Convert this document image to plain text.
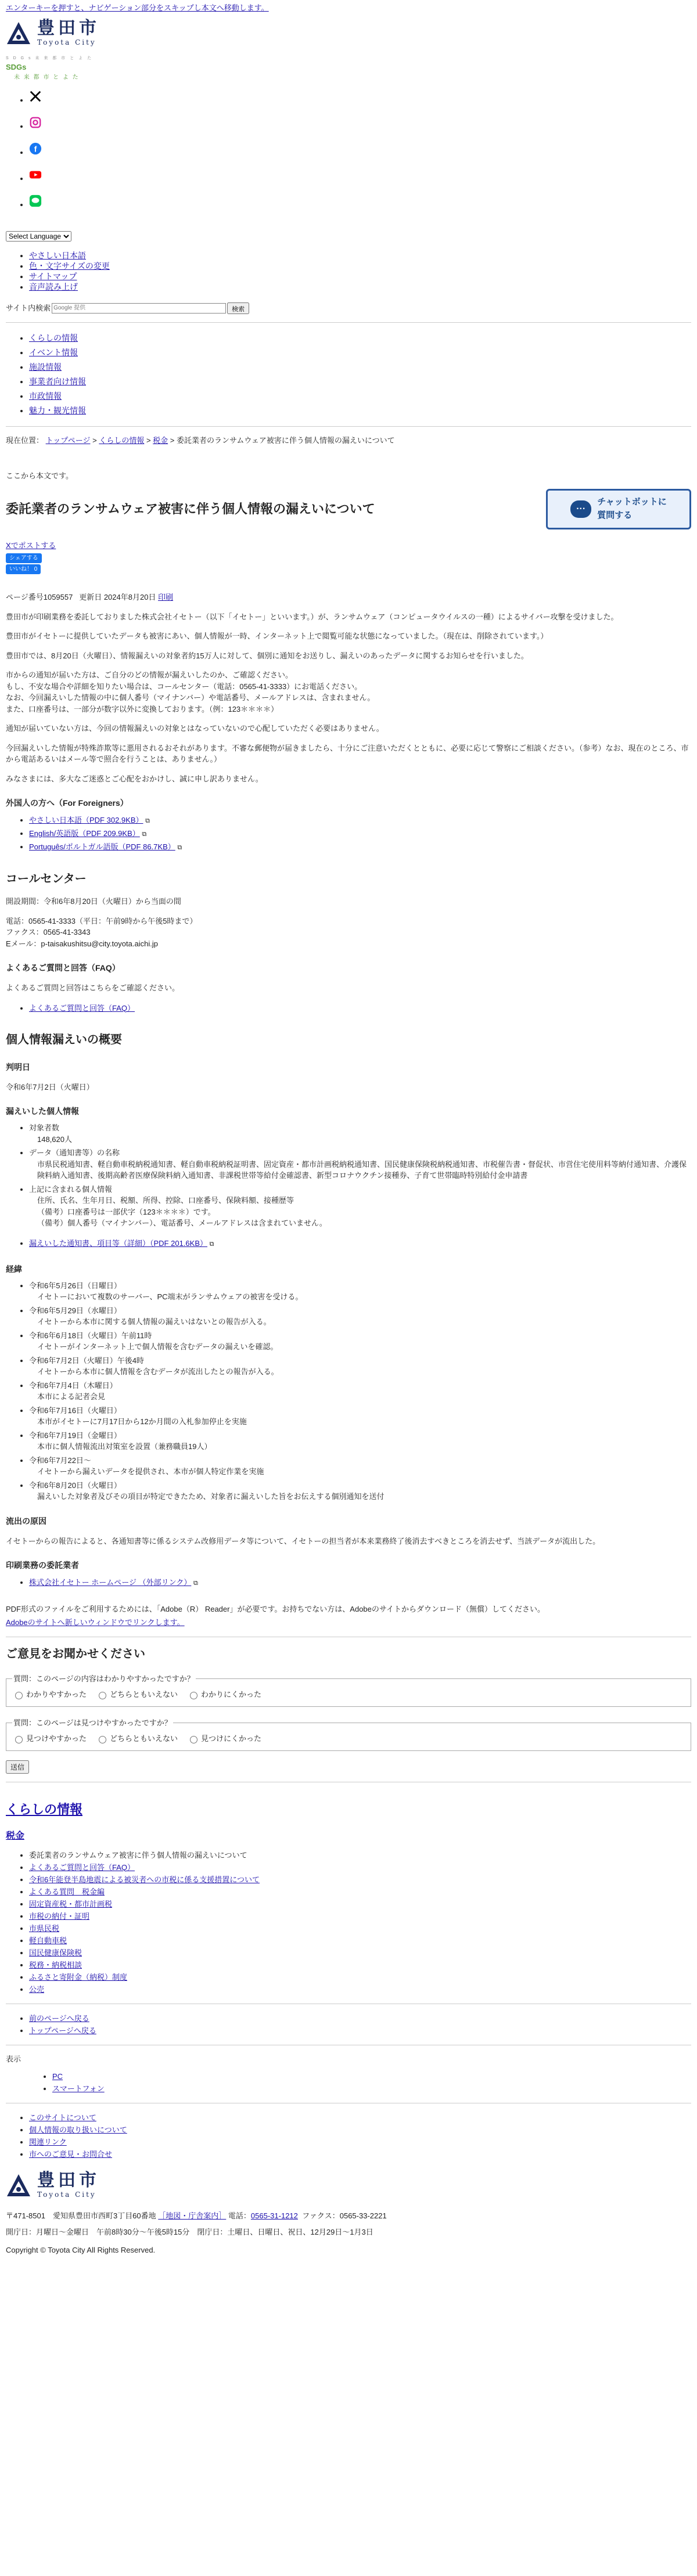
エンターキーを押すと、ナビゲーション部分をスキップし本文へ移動します。
豊田市
Toyota City
S D G s 未 来 都 市 と よ た
SDGs
未 来 都 市 と よ た
•
•
• f
•
•
Select Language
• やさしい日本語
• 色・文字サイズの変更
• サイトマップ
• 音声読み上げ
サイト内検索
Google 提供	検索
• くらしの情報
• イベント情報
• 施設情報
• 事業者向け情報
• 市政情報
• 魅力・観光情報
現在位置： トップページ > くらしの情報 > 税金 > 委託業者のランサムウェア被害に伴う個人情報の漏えいについて
ここから本文です。
委託業者のランサムウェア被害に伴う個人情報の漏えいについて	···
チャットボットに
質問する
Xでポストする
シェアする
いいね！ 0
ページ番号1059557 更新日 2024年8月20日 印刷

豊田市が印刷業務を委託しておりました株式会社イセトー（以下「イセトー」といいます。）が、ランサムウェア（コンピュータウイルスの一種）によるサイバー攻撃を受けました。

豊田市がイセトーに提供していたデータも被害にあい、個人情報が一時、インターネット上で閲覧可能な状態になっていました。（現在は、削除されています。）

豊田市では、8月20日（火曜日）、情報漏えいの対象者約15万人に対して、個別に通知をお送りし、漏えいのあったデータに関するお知らせを行いました。

市からの通知が届いた方は、ご自分のどの情報が漏えいしたのか、ご確認ください。
もし、不安な場合や詳細を知りたい場合は、コールセンター（電話：0565-41-3333）にお電話ください。
なお、今回漏えいした情報の中に個人番号（マイナンバー）や電話番号、メールアドレスは、含まれません。
また、口座番号は、一部分が数字以外に変換しております。（例：123＊＊＊＊）

通知が届いていない方は、今回の情報漏えいの対象とはなっていないので心配していただく必要はありません。

今回漏えいした情報が特殊詐欺等に悪用されるおそれがあります。不審な郵便物が届きましたら、十分にご注意いただくとともに、必要に応じて警察にご相談ください。（参考）なお、現在のところ、市から電話あるいはメール等で照合を行うことは、ありません。）

みなさまには、多大なご迷惑とご心配をおかけし、誠に申し訳ありません。

外国人の方へ（For Foreigners）
• やさしい日本語（PDF 302.9KB） ⧉
• English/英語版（PDF 209.9KB） ⧉
• Português/ポルトガル語版（PDF 86.7KB） ⧉
コールセンター

開設期間：令和6年8月20日（火曜日）から当面の間

電話：0565-41-3333（平日：午前9時から午後5時まで）
ファクス：0565-41-3343
Eメール：p-taisakushitsu@city.toyota.aichi.jp
よくあるご質問と回答（FAQ）

よくあるご質問と回答はこちらをご確認ください。

• よくあるご質問と回答（FAQ）
個人情報漏えいの概要
判明日

令和6年7月2日（火曜日）

漏えいした個人情報
• 対象者数
148,620人
• データ（通知書等）の名称
市県民税通知書、軽自動車税納税通知書、軽自動車税納税証明書、固定資産・都市計画税納税通知書、国民健康保険税納税通知書、市税催告書・督促状、市営住宅使用料等納付通知書、介護保険料納入通知書、後期高齢者医療保険料納入通知書、非課税世帯等給付金確認書、新型コロナウクチン接種券、子育て世帯臨時特別給付金申請書
• 上記に含まれる個人情報
住所、氏名、生年月日、税額、所得、控除、口座番号、保険料額、接種歴等
（備考）口座番号は一部伏字（123＊＊＊＊）です。
（備考）個人番号（マイナンバー）、電話番号、メールアドレスは含まれていません。
• 漏えいした通知書、項目等（詳細）（PDF 201.6KB） ⧉
経緯
• 令和6年5月26日（日曜日）
イセトーにおいて複数のサーバー、PC端末がランサムウェアの被害を受ける。
• 令和6年5月29日（水曜日）
イセトーから本市に関する個人情報の漏えいはないとの報告が入る。
• 令和6年6月18日（火曜日）午前11時
イセトーがインターネット上で個人情報を含むデータの漏えいを確認。
• 令和6年7月2日（火曜日）午後4時
イセトーから本市に個人情報を含むデータが流出したとの報告が入る。
• 令和6年7月4日（木曜日）
本市による記者会見
• 令和6年7月16日（火曜日）
本市がイセトーに7月17日から12か月間の入札参加停止を実施
• 令和6年7月19日（金曜日）
本市に個人情報流出対策室を設置（兼務職員19人）
• 令和6年7月22日〜
イセトーから漏えいデータを提供され、本市が個人特定作業を実施
• 令和6年8月20日（火曜日）
漏えいした対象者及びその項目が特定できたため、対象者に漏えいした旨をお伝えする個別通知を送付
流出の原因

イセトーからの報告によると、各通知書等に係るシステム改修用データ等について、イセトーの担当者が本来業務終了後消去すべきところを消去せず、当該データが流出した。

印刷業務の委託業者
• 株式会社イセトー ホームページ （外部リンク） ⧉

PDF形式のファイルをご利用するためには、「Adobe（R） Reader」が必要です。お持ちでない方は、Adobeのサイトからダウンロード（無償）してください。

Adobeのサイトへ新しいウィンドウでリンクします。
ご意見をお聞かせください
質問：このページの内容はわかりやすかったですか？
わかりやすかった	どちらともいえない	わかりにくかった
質問：このページは見つけやすかったですか？
見つけやすかった	どちらともいえない	見つけにくかった
送信
くらしの情報
税金
• 委託業者のランサムウェア被害に伴う個人情報の漏えいについて
• よくあるご質問と回答（FAQ）
• 令和6年能登半島地震による被災者への市税に係る支援措置について
• よくある質問　税金編
• 固定資産税・都市計画税
• 市税の納付・証明
• 市県民税
• 軽自動車税
• 国民健康保険税
• 税務・納税相談
• ふるさと寄附金（納税）制度
• 公売
• 前のページへ戻る
• トップページへ戻る
表示
• PC
• スマートフォン
• このサイトについて
• 個人情報の取り扱いについて
• 関連リンク
• 市へのご意見・お問合せ
豊田市
Toyota City
〒471-8501　愛知県豊田市西町3丁目60番地 ［地図・庁舎案内］ 電話：0565-31-1212 ファクス：0565-33-2221
開庁日：月曜日〜金曜日　午前8時30分〜午後5時15分　閉庁日：土曜日、日曜日、祝日、12月29日〜1月3日
Copyright © Toyota City All Rights Reserved.
